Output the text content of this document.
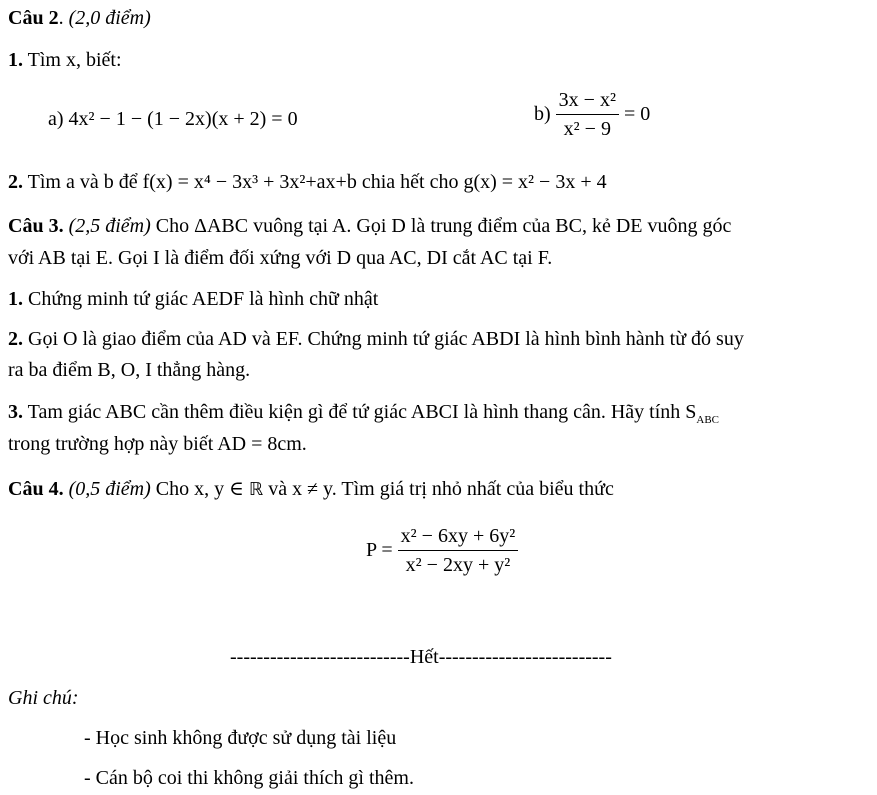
Câu 2. (2,0 điểm)
1. Tìm x, biết:
a) 4x² − 1 − (1 − 2x)(x + 2) = 0	$b) \frac{\text{3x − x²}}{\text{x² − 9}} = 0$
2. Tìm a và b để f(x) = x⁴ − 3x³ + 3x²+ax+b chia hết cho g(x) = x² − 3x + 4
Câu 3. (2,5 điểm) Cho ΔABC vuông tại A. Gọi D là trung điểm của BC, kẻ DE vuông góc
với AB tại E. Gọi I là điểm đối xứng với D qua AC, DI cắt AC tại F.
1. Chứng minh tứ giác AEDF là hình chữ nhật
2. Gọi O là giao điểm của AD và EF. Chứng minh tứ giác ABDI là hình bình hành từ đó suy
ra ba điểm B, O, I thẳng hàng.
3. Tam giác ABC cần thêm điều kiện gì để tứ giác ABCI là hình thang cân. Hãy tính $S_{ABC}$
trong trường hợp này biết AD = 8cm.
Câu 4. (0,5 điểm) Cho x, y ∈ ℝ và x ≠ y. Tìm giá trị nhỏ nhất của biểu thức
$P = \frac{\text{x² − 6xy + 6y²}}{\text{x² − 2xy + y²}}$
---------------------------Hết--------------------------
Ghi chú:
- Học sinh không được sử dụng tài liệu
- Cán bộ coi thi không giải thích gì thêm.
